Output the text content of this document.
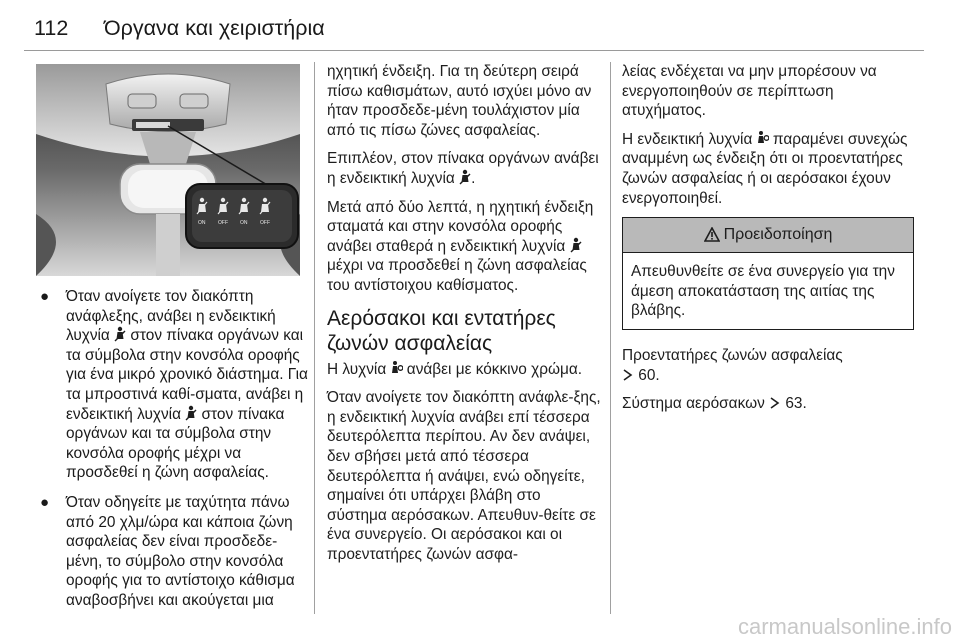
112	Όργανα και χειριστήρια
ON	OFF ON	OFF
● Όταν ανοίγετε τον διακόπτη ανάφλεξης, ανάβει η ενδεικτική λυχνία στον πίνακα οργάνων και τα σύμβολα στην κονσόλα οροφής για ένα μικρό χρονικό διάστημα. Για τα μπροστινά καθί-σματα, ανάβει η ενδεικτική λυχνία στον πίνακα οργάνων και τα σύμβολα στην κονσόλα οροφής μέχρι να προσδεθεί η ζώνη ασφαλείας.
● Όταν οδηγείτε με ταχύτητα πάνω από 20 χλμ/ώρα και κάποια ζώνη ασφαλείας δεν είναι προσδεδε-μένη, το σύμβολο στην κονσόλα οροφής για το αντίστοιχο κάθισμα αναβοσβήνει και ακούγεται μια

ηχητική ένδειξη. Για τη δεύτερη σειρά πίσω καθισμάτων, αυτό ισχύει μόνο αν ήταν προσδεδε-μένη τουλάχιστον μία από τις πίσω ζώνες ασφαλείας.

Επιπλέον, στον πίνακα οργάνων ανάβει η ενδεικτική λυχνία .

Μετά από δύο λεπτά, η ηχητική ένδειξη σταματά και στην κονσόλα οροφής ανάβει σταθερά η ενδεικτική λυχνία  μέχρι να προσδεθεί η ζώνη ασφαλείας του αντίστοιχου καθίσματος.

Αερόσακοι και εντατήρες ζωνών ασφαλείας

Η λυχνία ανάβει με κόκκινο χρώμα.

Όταν ανοίγετε τον διακόπτη ανάφλε-ξης, η ενδεικτική λυχνία ανάβει επί τέσσερα δευτερόλεπτα περίπου. Αν δεν ανάψει, δεν σβήσει μετά από τέσσερα δευτερόλεπτα ή ανάψει, ενώ οδηγείτε, σημαίνει ότι υπάρχει βλάβη στο σύστημα αερόσακων. Απευθυν-θείτε σε ένα συνεργείο. Οι αερόσακοι και οι προεντατήρες ζωνών ασφα-

λείας ενδέχεται να μην μπορέσουν να ενεργοποιηθούν σε περίπτωση ατυχήματος.

Η ενδεικτική λυχνία παραμένει συνεχώς αναμμένη ως ένδειξη ότι οι προεντατήρες ζωνών ασφαλείας ή οι αερόσακοι έχουν ενεργοποιηθεί.

Προειδοποίηση
Απευθυνθείτε σε ένα συνεργείο για την άμεση αποκατάσταση της αιτίας της βλάβης.

Προεντατήρες ζωνών ασφαλείας
60.

Σύστημα αερόσακων 63.

carmanualsonline.info
